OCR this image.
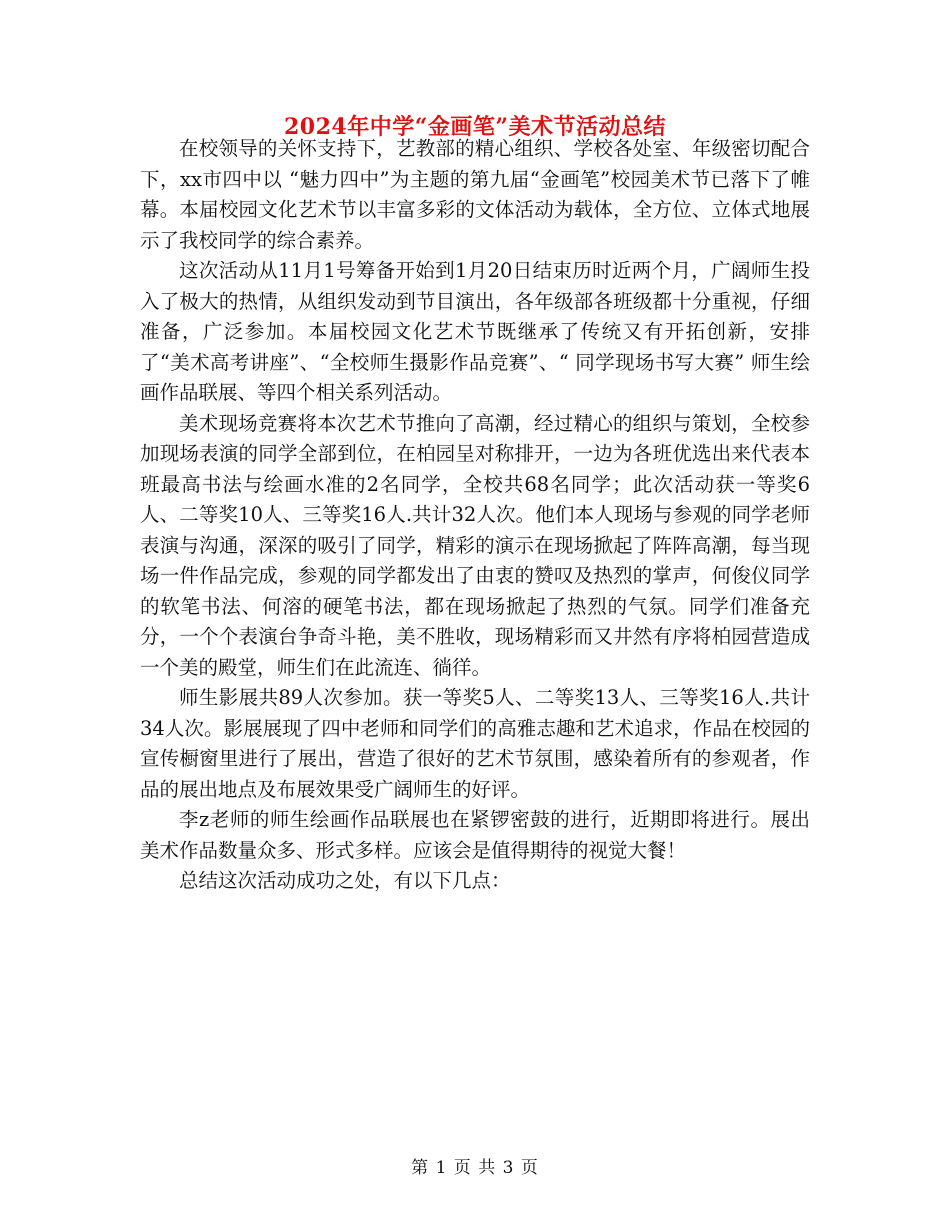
2024年中学“金画笔”美术节活动总结

在校领导的关怀支持下，艺教部的精心组织、学校各处室、年级密切配合下，xx市四中以 “魅力四中”为主题的第九届“金画笔”校园美术节已落下了帷幕。本届校园文化艺术节以丰富多彩的文体活动为载体，全方位、立体式地展示了我校同学的综合素养。

这次活动从11月1号筹备开始到1月20日结束历时近两个月，广阔师生投入了极大的热情，从组织发动到节目演出，各年级部各班级都十分重视，仔细准备，广泛参加。本届校园文化艺术节既继承了传统又有开拓创新，安排了“美术高考讲座”、“全校师生摄影作品竞赛”、“ 同学现场书写大赛” 师生绘画作品联展、等四个相关系列活动。

美术现场竞赛将本次艺术节推向了高潮，经过精心的组织与策划，全校参加现场表演的同学全部到位，在柏园呈对称排开，一边为各班优选出来代表本班最高书法与绘画水准的2名同学，全校共68名同学；此次活动获一等奖6人、二等奖10人、三等奖16人.共计32人次。他们本人现场与参观的同学老师表演与沟通，深深的吸引了同学，精彩的演示在现场掀起了阵阵高潮，每当现场一件作品完成，参观的同学都发出了由衷的赞叹及热烈的掌声，何俊仪同学的软笔书法、何溶的硬笔书法，都在现场掀起了热烈的气氛。同学们准备充分，一个个表演台争奇斗艳，美不胜收，现场精彩而又井然有序将柏园营造成一个美的殿堂，师生们在此流连、徜徉。

师生影展共89人次参加。获一等奖5人、二等奖13人、三等奖16人.共计34人次。影展展现了四中老师和同学们的高雅志趣和艺术追求，作品在校园的宣传橱窗里进行了展出，营造了很好的艺术节氛围，感染着所有的参观者，作品的展出地点及布展效果受广阔师生的好评。

李z老师的师生绘画作品联展也在紧锣密鼓的进行，近期即将进行。展出美术作品数量众多、形式多样。应该会是值得期待的视觉大餐！

总结这次活动成功之处，有以下几点：

第 1 页 共 3 页
